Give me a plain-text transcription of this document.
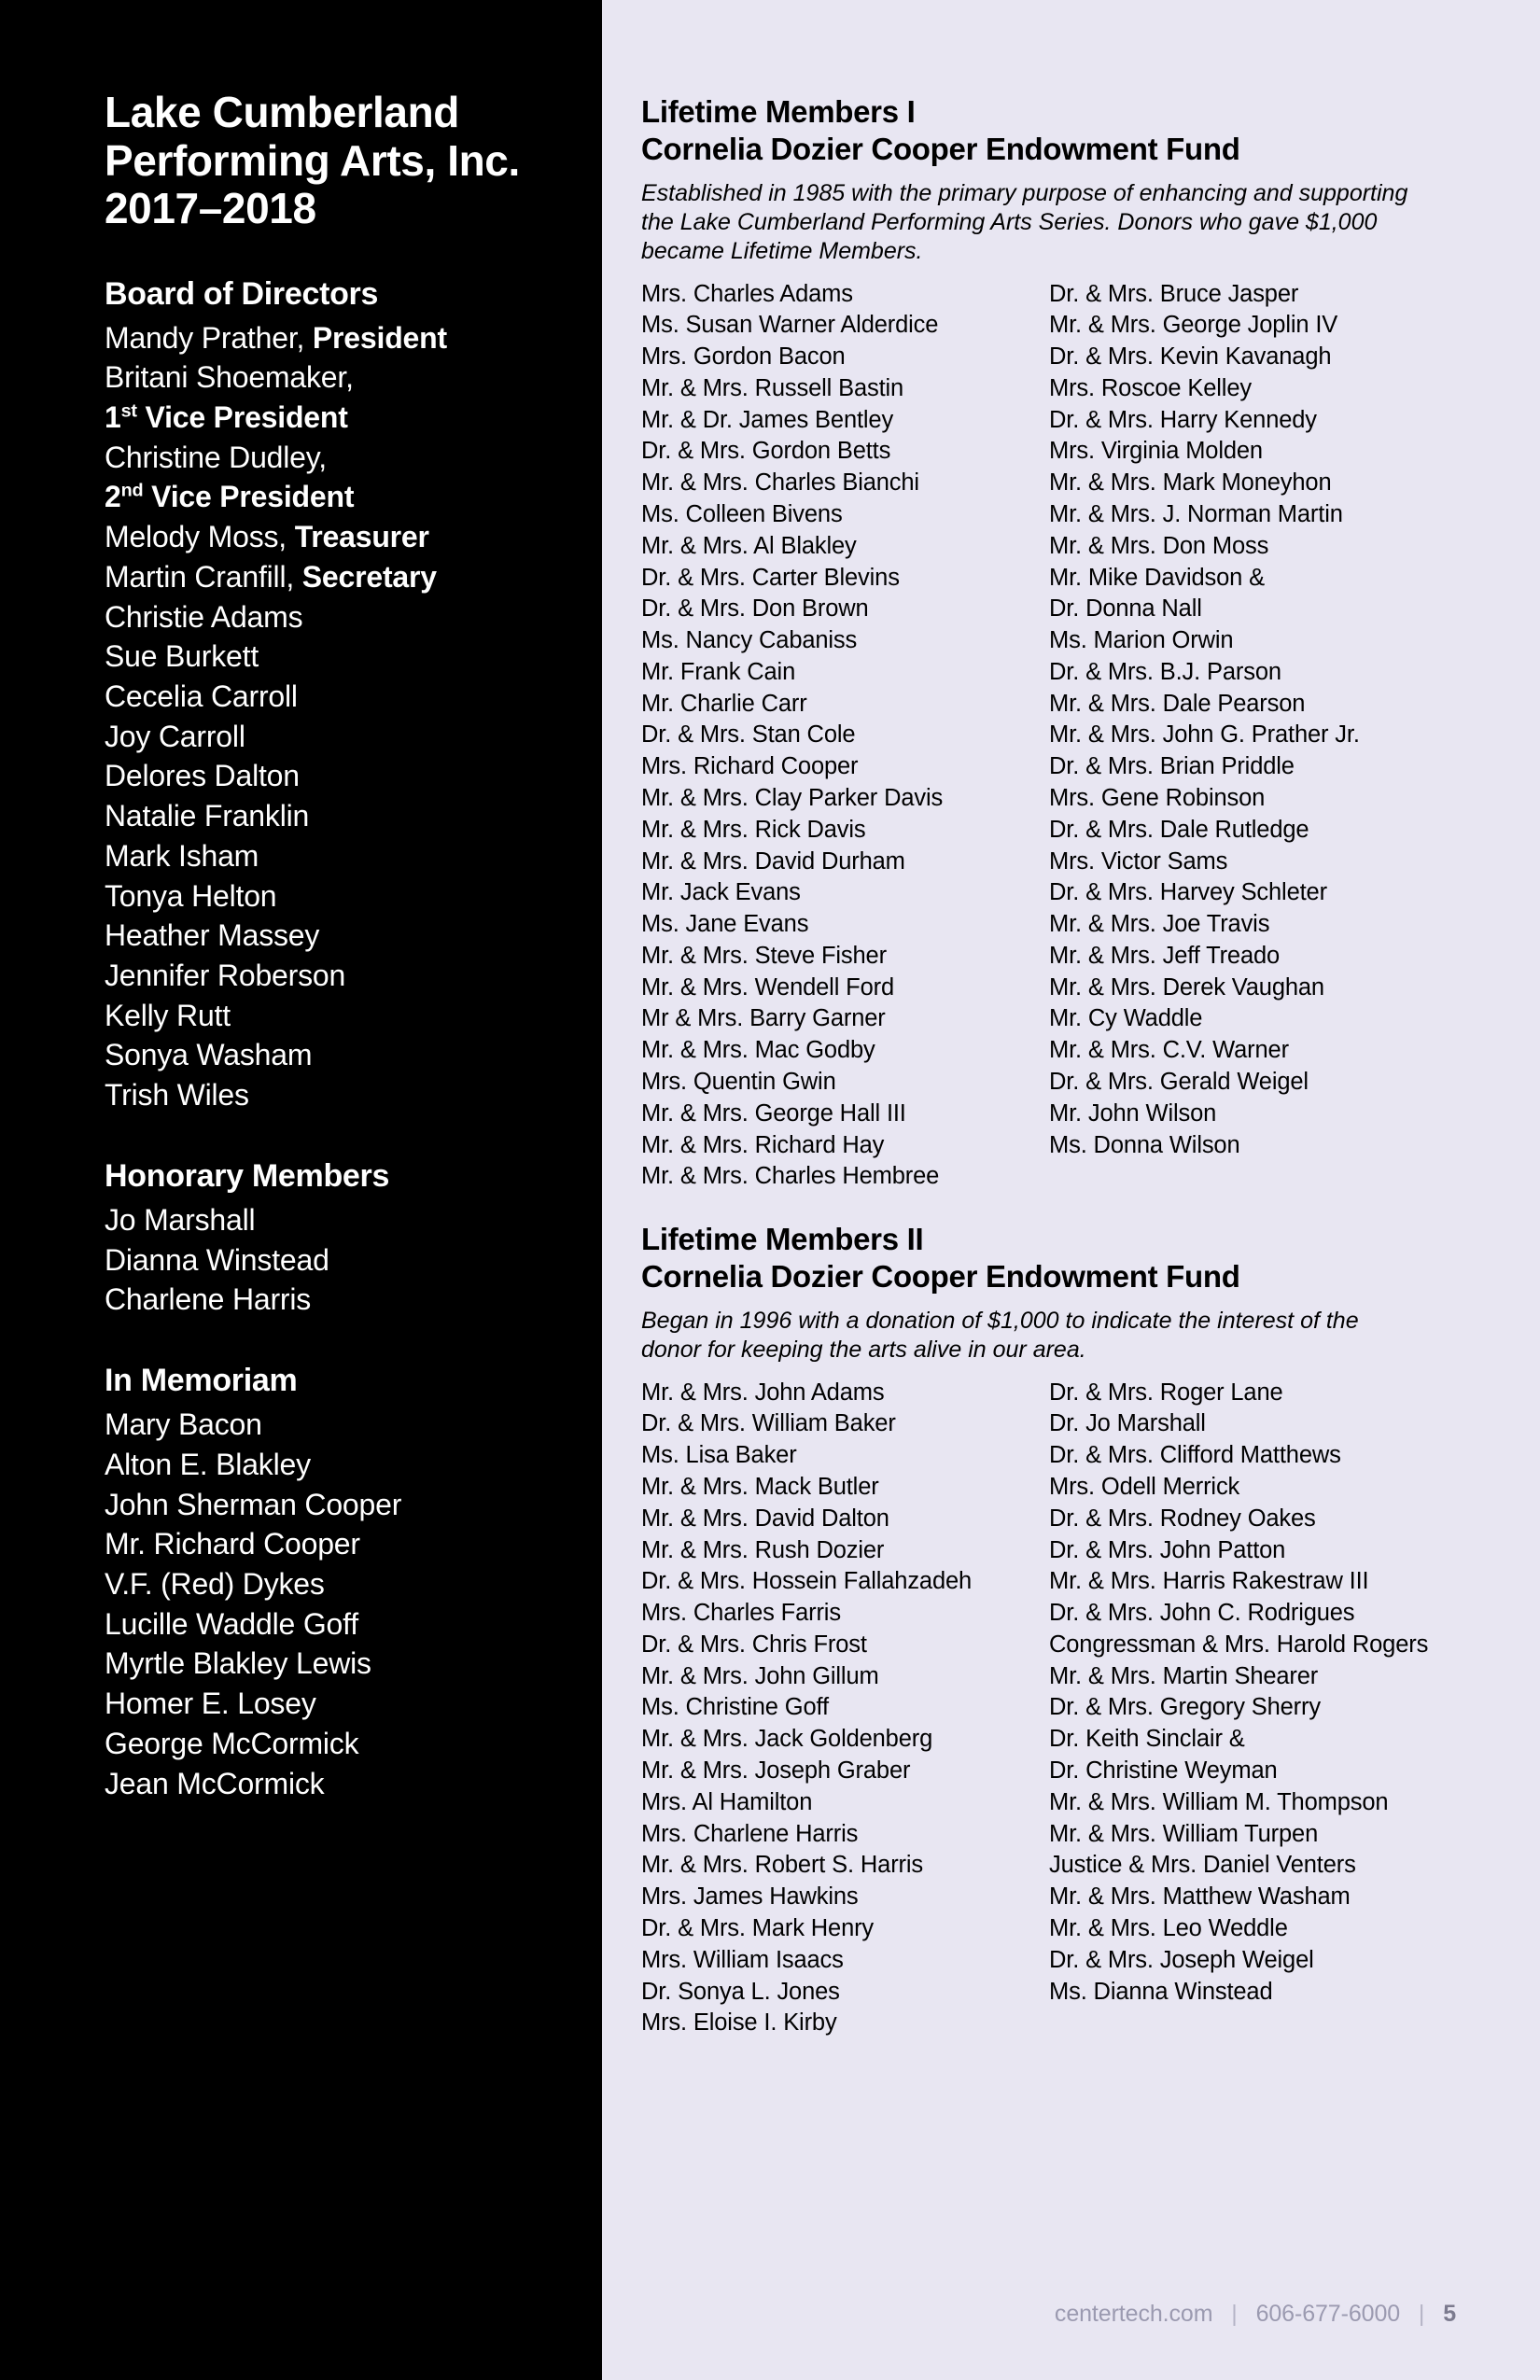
Lake Cumberland Performing Arts, Inc. 2017–2018
Board of Directors
Mandy Prather, President
Britani Shoemaker,
1st Vice President
Christine Dudley,
2nd Vice President
Melody Moss, Treasurer
Martin Cranfill, Secretary
Christie Adams
Sue Burkett
Cecelia Carroll
Joy Carroll
Delores Dalton
Natalie Franklin
Mark Isham
Tonya Helton
Heather Massey
Jennifer Roberson
Kelly Rutt
Sonya Washam
Trish Wiles
Honorary Members
Jo Marshall
Dianna Winstead
Charlene Harris
In Memoriam
Mary Bacon
Alton E. Blakley
John Sherman Cooper
Mr. Richard Cooper
V.F. (Red) Dykes
Lucille Waddle Goff
Myrtle Blakley Lewis
Homer E. Losey
George McCormick
Jean McCormick
Lifetime Members I
Cornelia Dozier Cooper Endowment Fund

Established in 1985 with the primary purpose of enhancing and supporting the Lake Cumberland Performing Arts Series. Donors who gave $1,000 became Lifetime Members.

Mrs. Charles Adams
Ms. Susan Warner Alderdice
Mrs. Gordon Bacon
Mr. & Mrs. Russell Bastin
Mr. & Dr. James Bentley
Dr. & Mrs. Gordon Betts
Mr. & Mrs. Charles Bianchi
Ms. Colleen Bivens
Mr. & Mrs. Al Blakley
Dr. & Mrs. Carter Blevins
Dr. & Mrs. Don Brown
Ms. Nancy Cabaniss
Mr. Frank Cain
Mr. Charlie Carr
Dr. & Mrs. Stan Cole
Mrs. Richard Cooper
Mr. & Mrs. Clay Parker Davis
Mr. & Mrs. Rick Davis
Mr. & Mrs. David Durham
Mr. Jack Evans
Ms. Jane Evans
Mr. & Mrs. Steve Fisher
Mr. & Mrs. Wendell Ford
Mr & Mrs. Barry Garner
Mr. & Mrs. Mac Godby
Mrs. Quentin Gwin
Mr. & Mrs. George Hall III
Mr. & Mrs. Richard Hay
Mr. & Mrs. Charles Hembree
Dr. & Mrs. Bruce Jasper
Mr. & Mrs. George Joplin IV
Dr. & Mrs. Kevin Kavanagh
Mrs. Roscoe Kelley
Dr. & Mrs. Harry Kennedy
Mrs. Virginia Molden
Mr. & Mrs. Mark Moneyhon
Mr. & Mrs. J. Norman Martin
Mr. & Mrs. Don Moss
Mr. Mike Davidson &
Dr. Donna Nall
Ms. Marion Orwin
Dr. & Mrs. B.J. Parson
Mr. & Mrs. Dale Pearson
Mr. & Mrs. John G. Prather Jr.
Dr. & Mrs. Brian Priddle
Mrs. Gene Robinson
Dr. & Mrs. Dale Rutledge
Mrs. Victor Sams
Dr. & Mrs. Harvey Schleter
Mr. & Mrs. Joe Travis
Mr. & Mrs. Jeff Treado
Mr. & Mrs. Derek Vaughan
Mr. Cy Waddle
Mr. & Mrs. C.V. Warner
Dr. & Mrs. Gerald Weigel
Mr. John Wilson
Ms. Donna Wilson
Lifetime Members II
Cornelia Dozier Cooper Endowment Fund

Began in 1996 with a donation of $1,000 to indicate the interest of the donor for keeping the arts alive in our area.

Mr. & Mrs. John Adams
Dr. & Mrs. William Baker
Ms. Lisa Baker
Mr. & Mrs. Mack Butler
Mr. & Mrs. David Dalton
Mr. & Mrs. Rush Dozier
Dr. & Mrs. Hossein Fallahzadeh
Mrs. Charles Farris
Dr. & Mrs. Chris Frost
Mr. & Mrs. John Gillum
Ms. Christine Goff
Mr. & Mrs. Jack Goldenberg
Mr. & Mrs. Joseph Graber
Mrs. Al Hamilton
Mrs. Charlene Harris
Mr. & Mrs. Robert S. Harris
Mrs. James Hawkins
Dr. & Mrs. Mark Henry
Mrs. William Isaacs
Dr. Sonya L. Jones
Mrs. Eloise I. Kirby
Dr. & Mrs. Roger Lane
Dr. Jo Marshall
Dr. & Mrs. Clifford Matthews
Mrs. Odell Merrick
Dr. & Mrs. Rodney Oakes
Dr. & Mrs. John Patton
Mr. & Mrs. Harris Rakestraw III
Dr. & Mrs. John C. Rodrigues
Congressman & Mrs. Harold Rogers
Mr. & Mrs. Martin Shearer
Dr. & Mrs. Gregory Sherry
Dr. Keith Sinclair &
Dr. Christine Weyman
Mr. & Mrs. William M. Thompson
Mr. & Mrs. William Turpen
Justice & Mrs. Daniel Venters
Mr. & Mrs. Matthew Washam
Mr. & Mrs. Leo Weddle
Dr. & Mrs. Joseph Weigel
Ms. Dianna Winstead
centertech.com | 606-677-6000 | 5
